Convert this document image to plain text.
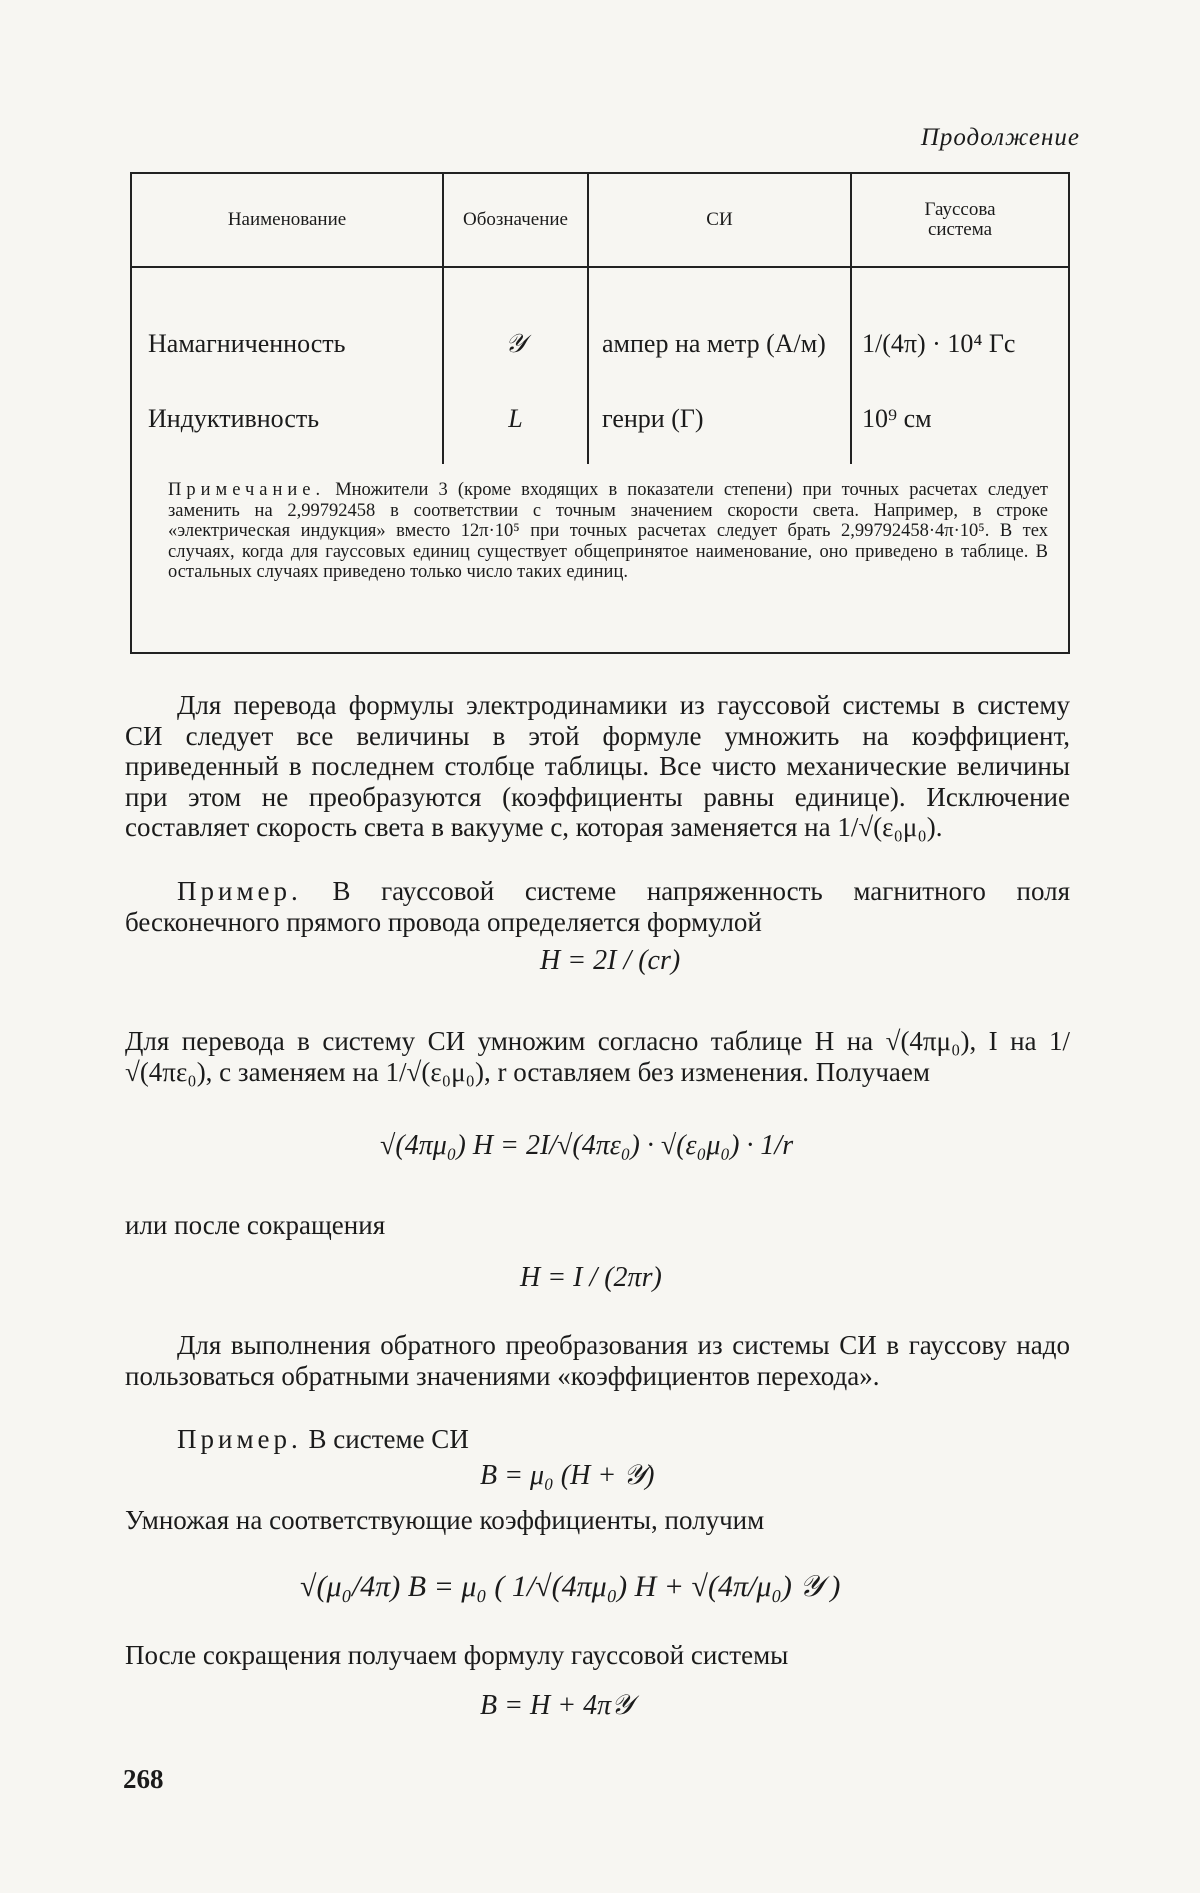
Продолжение
Наименование	Обозначение	СИ	Гауссова система
Намагниченность	𝒴	ампер на метр (А/м)	1/(4π) · 10⁴ Гс
Индуктивность	L	генри (Г)	10⁹ см
Примечание. Множители 3 (кроме входящих в показатели степени) при точных расчетах следует заменить на 2,99792458 в соответствии с точным значением скорости света. Например, в строке «электрическая индукция» вместо 12π·10⁵ при точных расчетах следует брать 2,99792458·4π·10⁵. В тех случаях, когда для гауссовых единиц существует общепринятое наименование, оно приведено в таблице. В остальных случаях приведено только число таких единиц.
Для перевода формулы электродинамики из гауссовой системы в систему СИ следует все величины в этой формуле умножить на коэффициент, приведенный в последнем столбце таблицы. Все чисто механические величины при этом не преобразуются (коэффициенты равны единице). Исключение составляет скорость света в вакууме c, которая заменяется на 1/√(ε₀μ₀).
Пример. В гауссовой системе напряженность магнитного поля бесконечного прямого провода определяется формулой
H = 2I / (cr)
Для перевода в систему СИ умножим согласно таблице H на √(4πμ₀), I на 1/√(4πε₀), c заменяем на 1/√(ε₀μ₀), r оставляем без изменения. Получаем
√(4πμ₀) H = 2I/√(4πε₀) · √(ε₀μ₀) · 1/r
или после сокращения
H = I / (2πr)
Для выполнения обратного преобразования из системы СИ в гауссову надо пользоваться обратными значениями «коэффициентов перехода».
Пример. В системе СИ
B = μ₀ (H + 𝒴)
Умножая на соответствующие коэффициенты, получим
√(μ₀/4π) B = μ₀ ( 1/√(4πμ₀) H + √(4π/μ₀) 𝒴 )
После сокращения получаем формулу гауссовой системы
B = H + 4π𝒴
268
